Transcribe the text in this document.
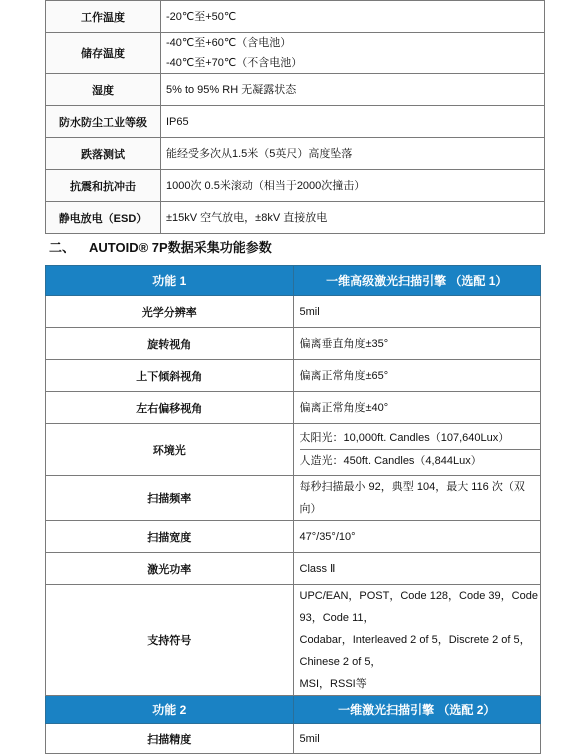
工作温度	-20℃至+50℃

储存温度	-40℃至+60℃（含电池）
-40℃至+70℃（不含电池）

湿度	5% to 95% RH 无凝露状态

防水防尘工业等级	IP65

跌落测试	能经受多次从1.5米（5英尺）高度坠落

抗震和抗冲击	1000次 0.5米滚动（相当于2000次撞击）

静电放电（ESD）	±15kV 空气放电，±8kV 直接放电
二、 AUTOID® 7P数据采集功能参数
功能 1	一维高级激光扫描引擎 （选配 1）
光学分辨率	5mil

旋转视角	偏离垂直角度±35°

上下倾斜视角	偏离正常角度±65°

左右偏移视角	偏离正常角度±40°

环境光	太阳光：10,000ft. Candles（107,640Lux）
人造光：450ft. Candles（4,844Lux）

扫描频率	每秒扫描最小 92，典型 104，最大 116 次（双向）

扫描宽度	47°/35°/10°

激光功率	Class Ⅱ

支持符号	UPC/EAN，POST，Code 128，Code 39，Code 93，Code 11，
Codabar，Interleaved 2 of 5，Discrete 2 of 5，Chinese 2 of 5，
MSI，RSSI等

功能 2	一维激光扫描引擎 （选配 2）
扫描精度	5mil
